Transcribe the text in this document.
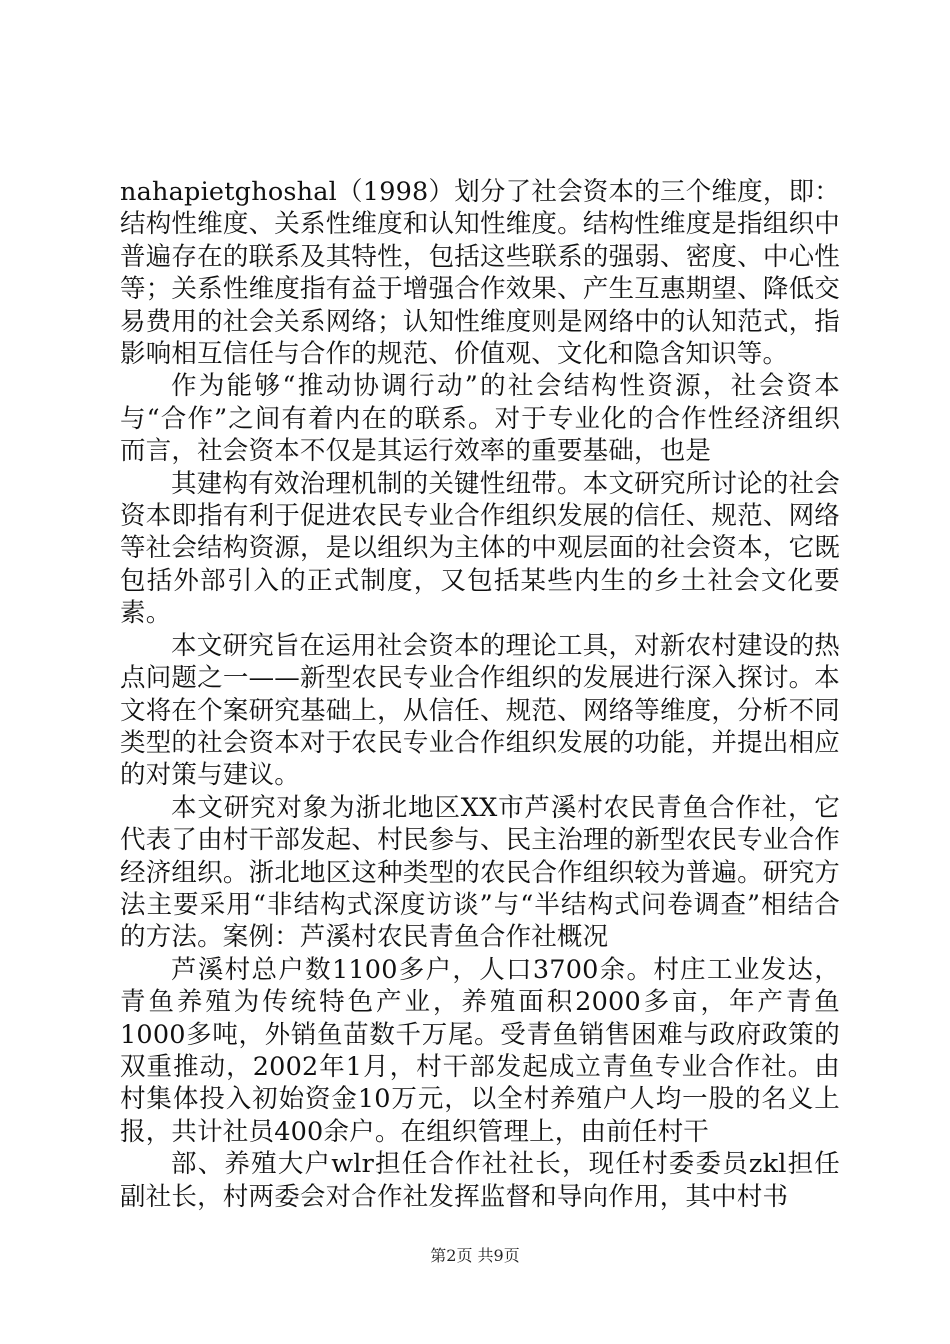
nahapietghoshal（1998）划分了社会资本的三个维度，即：结构性维度、关系性维度和认知性维度。结构性维度是指组织中普遍存在的联系及其特性，包括这些联系的强弱、密度、中心性等；关系性维度指有益于增强合作效果、产生互惠期望、降低交易费用的社会关系网络；认知性维度则是网络中的认知范式，指影响相互信任与合作的规范、价值观、文化和隐含知识等。

作为能够“推动协调行动”的社会结构性资源，社会资本与“合作”之间有着内在的联系。对于专业化的合作性经济组织而言，社会资本不仅是其运行效率的重要基础，也是

其建构有效治理机制的关键性纽带。本文研究所讨论的社会资本即指有利于促进农民专业合作组织发展的信任、规范、网络等社会结构资源，是以组织为主体的中观层面的社会资本，它既包括外部引入的正式制度，又包括某些内生的乡土社会文化要素。

本文研究旨在运用社会资本的理论工具，对新农村建设的热点问题之一——新型农民专业合作组织的发展进行深入探讨。本文将在个案研究基础上，从信任、规范、网络等维度，分析不同类型的社会资本对于农民专业合作组织发展的功能，并提出相应的对策与建议。

本文研究对象为浙北地区XX市芦溪村农民青鱼合作社，它代表了由村干部发起、村民参与、民主治理的新型农民专业合作经济组织。浙北地区这种类型的农民合作组织较为普遍。研究方法主要采用“非结构式深度访谈”与“半结构式问卷调查”相结合的方法。案例：芦溪村农民青鱼合作社概况

芦溪村总户数1100多户，人口3700余。村庄工业发达，青鱼养殖为传统特色产业，养殖面积2000多亩，年产青鱼1000多吨，外销鱼苗数千万尾。受青鱼销售困难与政府政策的双重推动，2002年1月，村干部发起成立青鱼专业合作社。由村集体投入初始资金10万元，以全村养殖户人均一股的名义上报，共计社员400余户。在组织管理上，由前任村干

部、养殖大户wlr担任合作社社长，现任村委委员zkl担任副社长，村两委会对合作社发挥监督和导向作用，其中村书

第2页 共9页
